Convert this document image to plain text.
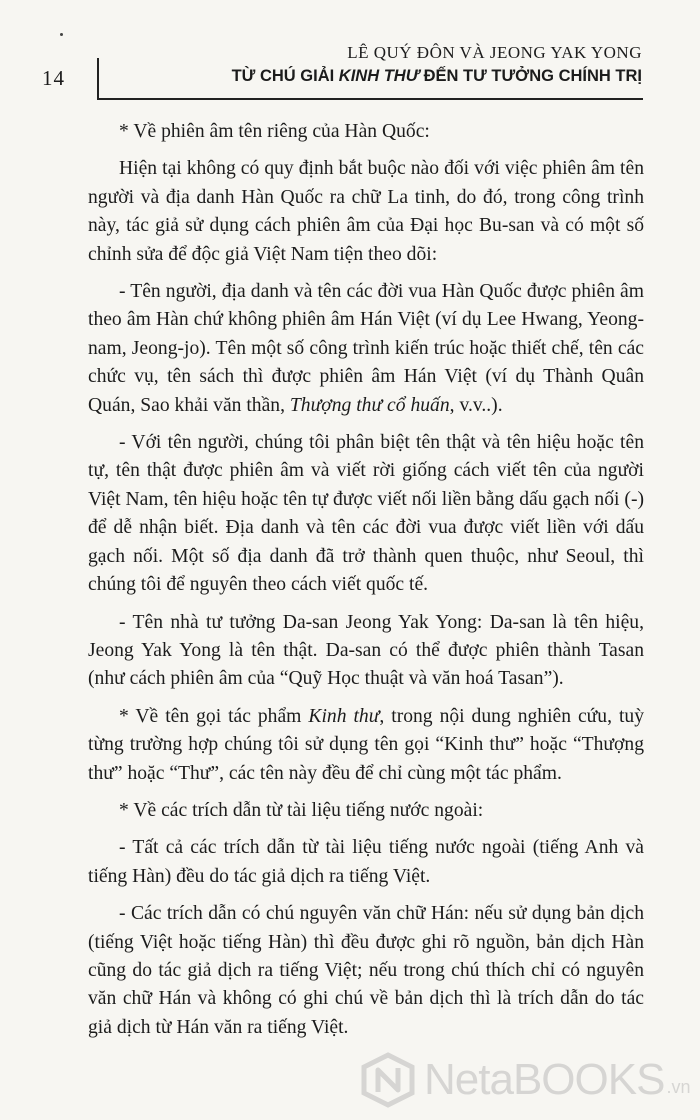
14
LÊ QUÝ ĐÔN VÀ JEONG YAK YONG
TỪ CHÚ GIẢI KINH THƯ ĐẾN TƯ TƯỞNG CHÍNH TRỊ

* Về phiên âm tên riêng của Hàn Quốc:

Hiện tại không có quy định bắt buộc nào đối với việc phiên âm tên người và địa danh Hàn Quốc ra chữ La tinh, do đó, trong công trình này, tác giả sử dụng cách phiên âm của Đại học Bu-san và có một số chỉnh sửa để độc giả Việt Nam tiện theo dõi:

- Tên người, địa danh và tên các đời vua Hàn Quốc được phiên âm theo âm Hàn chứ không phiên âm Hán Việt (ví dụ Lee Hwang, Yeong-nam, Jeong-jo). Tên một số công trình kiến trúc hoặc thiết chế, tên các chức vụ, tên sách thì được phiên âm Hán Việt (ví dụ Thành Quân Quán, Sao khải văn thần, Thượng thư cổ huấn, v.v..).

- Với tên người, chúng tôi phân biệt tên thật và tên hiệu hoặc tên tự, tên thật được phiên âm và viết rời giống cách viết tên của người Việt Nam, tên hiệu hoặc tên tự được viết nối liền bằng dấu gạch nối (-) để dễ nhận biết. Địa danh và tên các đời vua được viết liền với dấu gạch nối. Một số địa danh đã trở thành quen thuộc, như Seoul, thì chúng tôi để nguyên theo cách viết quốc tế.

- Tên nhà tư tưởng Da-san Jeong Yak Yong: Da-san là tên hiệu, Jeong Yak Yong là tên thật. Da-san có thể được phiên thành Tasan (như cách phiên âm của “Quỹ Học thuật và văn hoá Tasan”).

* Về tên gọi tác phẩm Kinh thư, trong nội dung nghiên cứu, tuỳ từng trường hợp chúng tôi sử dụng tên gọi “Kinh thư” hoặc “Thượng thư” hoặc “Thư”, các tên này đều để chỉ cùng một tác phẩm.

* Về các trích dẫn từ tài liệu tiếng nước ngoài:

- Tất cả các trích dẫn từ tài liệu tiếng nước ngoài (tiếng Anh và tiếng Hàn) đều do tác giả dịch ra tiếng Việt.

- Các trích dẫn có chú nguyên văn chữ Hán: nếu sử dụng bản dịch (tiếng Việt hoặc tiếng Hàn) thì đều được ghi rõ nguồn, bản dịch Hàn cũng do tác giả dịch ra tiếng Việt; nếu trong chú thích chỉ có nguyên văn chữ Hán và không có ghi chú về bản dịch thì là trích dẫn do tác giả dịch từ Hán văn ra tiếng Việt.

NetaBOOKS .vn
